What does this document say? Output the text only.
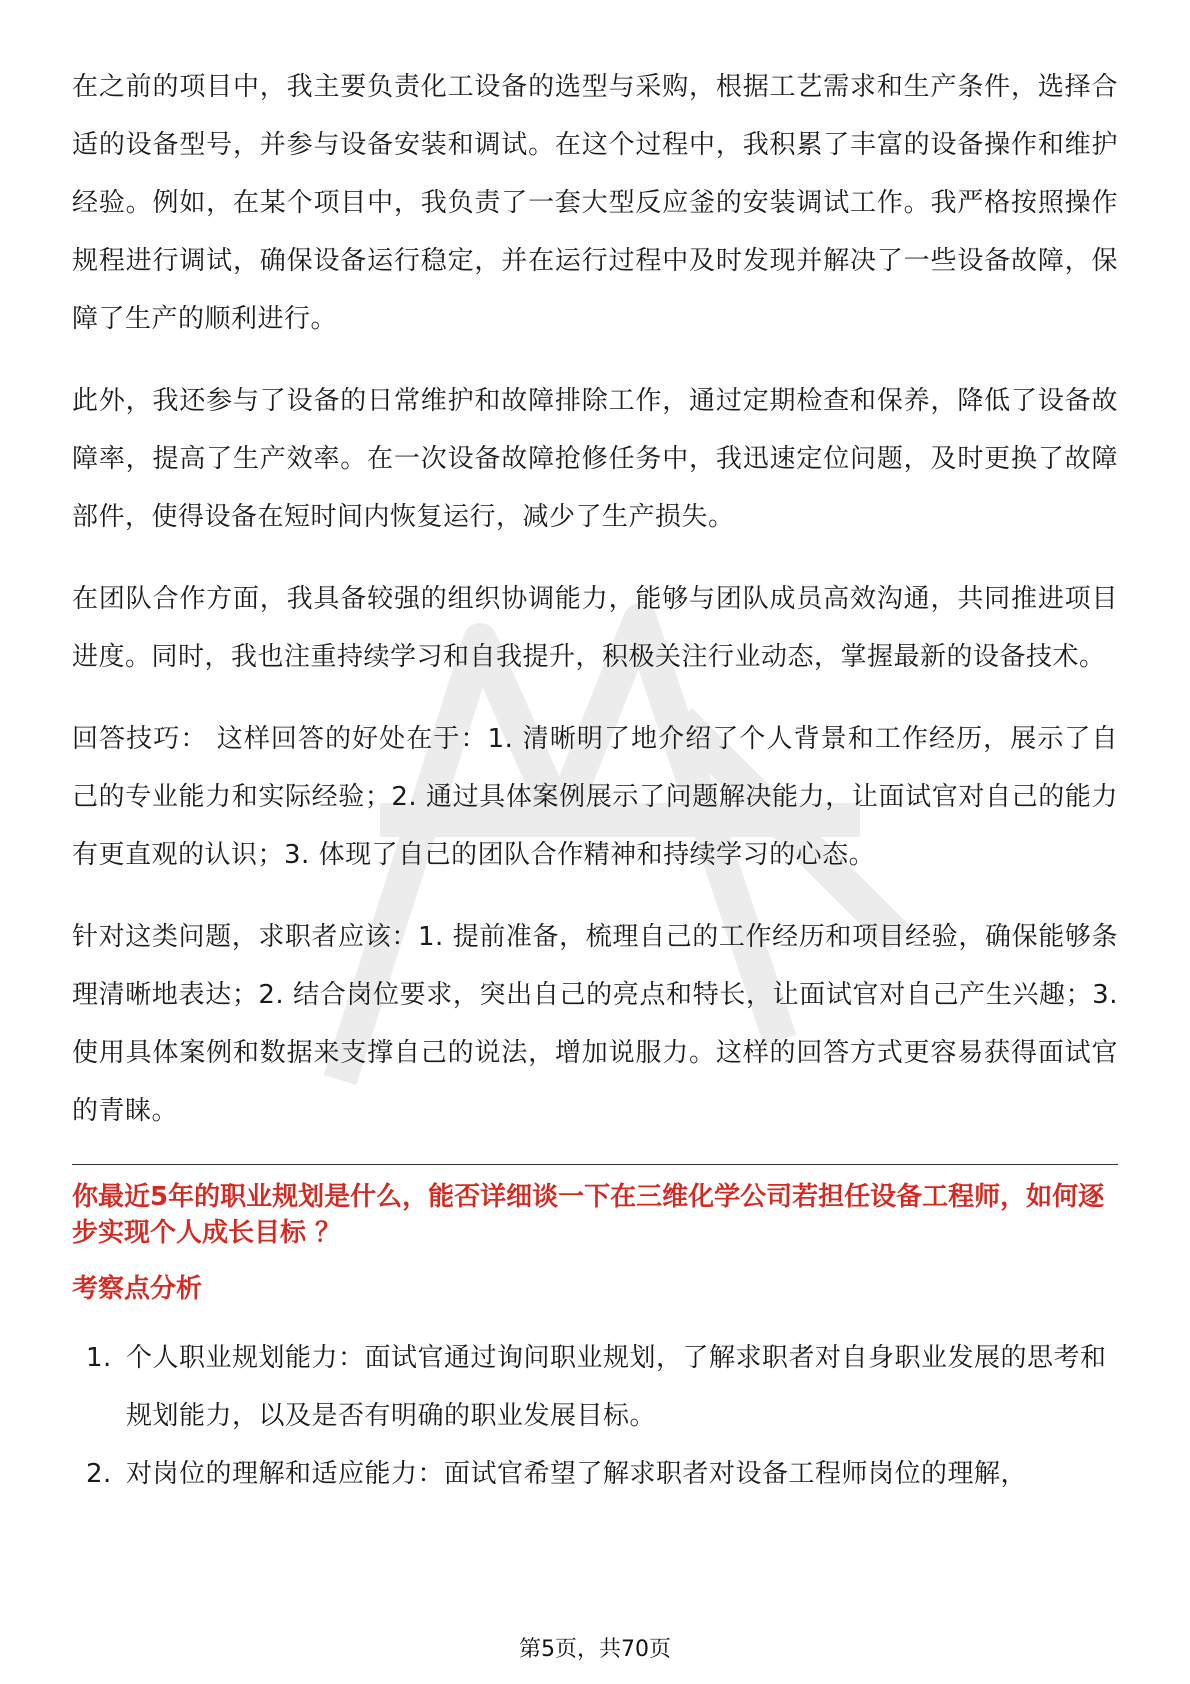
在之前的项目中，我主要负责化工设备的选型与采购，根据工艺需求和生产条件，选择合适的设备型号，并参与设备安装和调试。在这个过程中，我积累了丰富的设备操作和维护经验。例如，在某个项目中，我负责了一套大型反应釜的安装调试工作。我严格按照操作规程进行调试，确保设备运行稳定，并在运行过程中及时发现并解决了一些设备故障，保障了生产的顺利进行。

此外，我还参与了设备的日常维护和故障排除工作，通过定期检查和保养，降低了设备故障率，提高了生产效率。在一次设备故障抢修任务中，我迅速定位问题，及时更换了故障部件，使得设备在短时间内恢复运行，减少了生产损失。

在团队合作方面，我具备较强的组织协调能力，能够与团队成员高效沟通，共同推进项目进度。同时，我也注重持续学习和自我提升，积极关注行业动态，掌握最新的设备技术。

回答技巧： 这样回答的好处在于：1. 清晰明了地介绍了个人背景和工作经历，展示了自己的专业能力和实际经验；2. 通过具体案例展示了问题解决能力，让面试官对自己的能力有更直观的认识；3. 体现了自己的团队合作精神和持续学习的心态。

针对这类问题，求职者应该：1. 提前准备，梳理自己的工作经历和项目经验，确保能够条理清晰地表达；2. 结合岗位要求，突出自己的亮点和特长，让面试官对自己产生兴趣；3. 使用具体案例和数据来支撑自己的说法，增加说服力。这样的回答方式更容易获得面试官的青睐。

你最近5年的职业规划是什么，能否详细谈一下在三维化学公司若担任设备工程师，如何逐步实现个人成长目标 ？
考察点分析
1. 个人职业规划能力：面试官通过询问职业规划，了解求职者对自身职业发展的思考和规划能力，以及是否有明确的职业发展目标。
2. 对岗位的理解和适应能力：面试官希望了解求职者对设备工程师岗位的理解，
第5页，共70页
